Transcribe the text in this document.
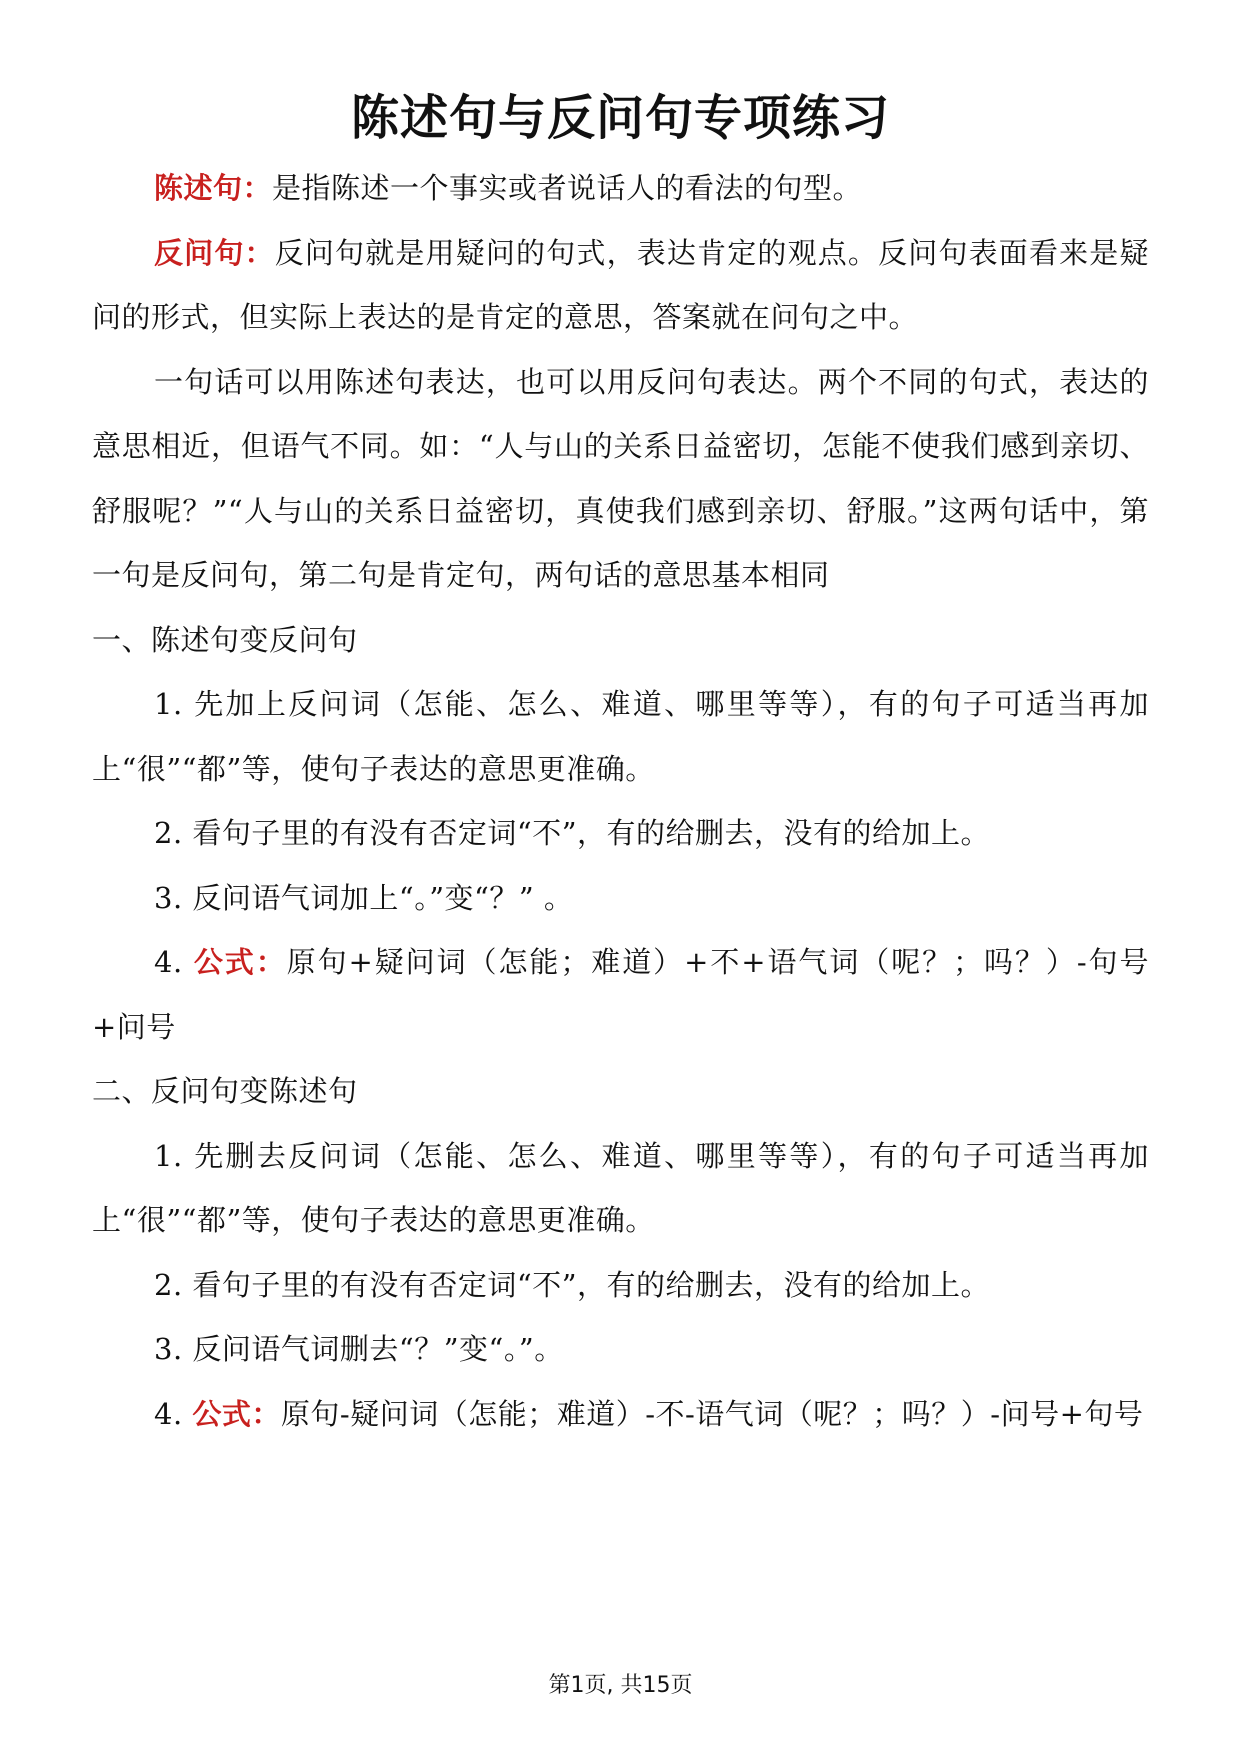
陈述句与反问句专项练习

陈述句：是指陈述一个事实或者说话人的看法的句型。

反问句：反问句就是用疑问的句式，表达肯定的观点。反问句表面看来是疑问的形式，但实际上表达的是肯定的意思，答案就在问句之中。

一句话可以用陈述句表达，也可以用反问句表达。两个不同的句式，表达的意思相近，但语气不同。如：“人与山的关系日益密切，怎能不使我们感到亲切、舒服呢？”“人与山的关系日益密切，真使我们感到亲切、舒服。”这两句话中，第一句是反问句，第二句是肯定句，两句话的意思基本相同

一、陈述句变反问句

1. 先加上反问词（怎能、怎么、难道、哪里等等），有的句子可适当再加上“很”“都”等，使句子表达的意思更准确。

2. 看句子里的有没有否定词“不”，有的给删去，没有的给加上。

3. 反问语气词加上“。”变“？” 。

4. 公式：原句+疑问词（怎能；难道）+不+语气词（呢？；吗？）-句号+问号

二、反问句变陈述句

1. 先删去反问词（怎能、怎么、难道、哪里等等），有的句子可适当再加上“很”“都”等，使句子表达的意思更准确。

2. 看句子里的有没有否定词“不”，有的给删去，没有的给加上。

3. 反问语气词删去“？”变“。”。

4. 公式：原句-疑问词（怎能；难道）-不-语气词（呢？；吗？）-问号+句号

第1页, 共15页
